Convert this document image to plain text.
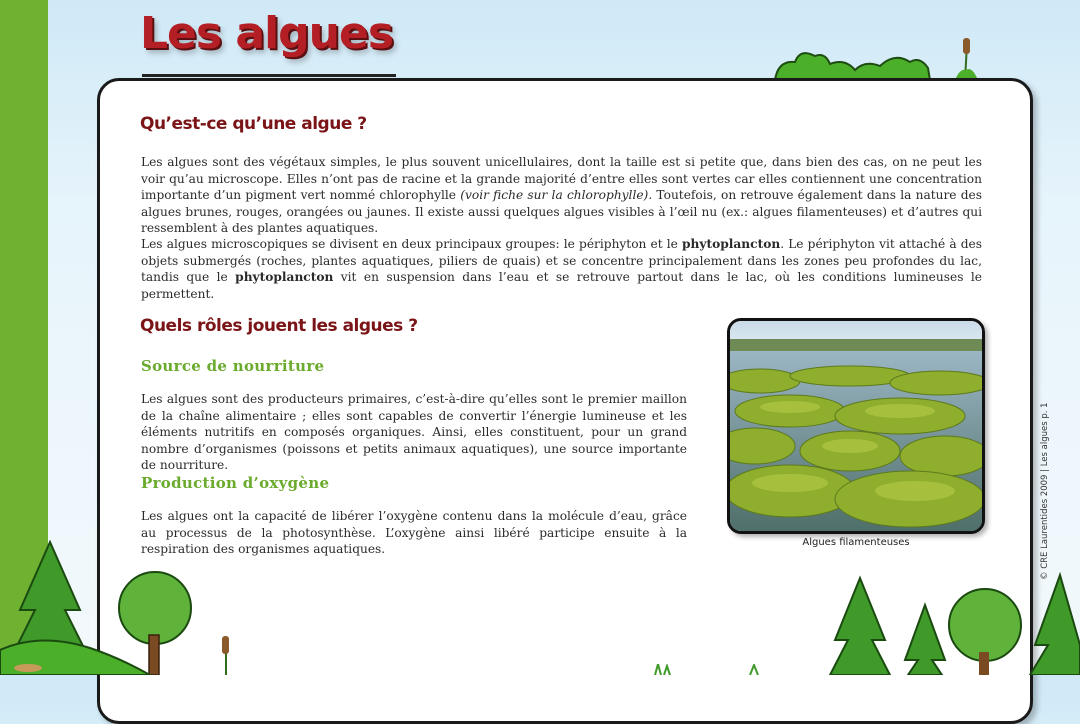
Les algues
Qu’est-ce qu’une algue ?

Les algues sont des végétaux simples, le plus souvent unicellulaires, dont la taille est si petite que, dans bien des cas, on ne peut les voir qu’au microscope. Elles n’ont pas de racine et la grande majorité d’entre elles sont vertes car elles contiennent une concentration importante d’un pigment vert nommé chlorophylle (voir fiche sur la chlorophylle). Toutefois, on retrouve également dans la nature des algues brunes, rouges, orangées ou jaunes. Il existe aussi quelques algues visibles à l’œil nu (ex.: algues filamenteuses) et d’autres qui ressemblent à des plantes aquatiques.

Les algues microscopiques se divisent en deux principaux groupes: le périphyton et le phytoplancton. Le périphyton vit attaché à des objets submergés (roches, plantes aquatiques, piliers de quais) et se concentre principalement dans les zones peu profondes du lac, tandis que le phytoplancton vit en suspension dans l’eau et se retrouve partout dans le lac, où les conditions lumineuses le permettent.

Quels rôles jouent les algues ?
Source de nourriture

Les algues sont des producteurs primaires, c’est-à-dire qu’elles sont le premier maillon de la chaîne alimentaire ; elles sont capables de convertir l’énergie lumineuse et les éléments nutritifs en composés organiques. Ainsi, elles constituent, pour un grand nombre d’organismes (poissons et petits animaux aquatiques), une source importante de nourriture.

Production d’oxygène

Les algues ont la capacité de libérer l’oxygène contenu dans la molécule d’eau, grâce au processus de la photosynthèse. L’oxygène ainsi libéré participe ensuite à la respiration des organismes aquatiques.	Algues filamenteuses	© CRE Laurentides 2009 | Les algues p. 1
